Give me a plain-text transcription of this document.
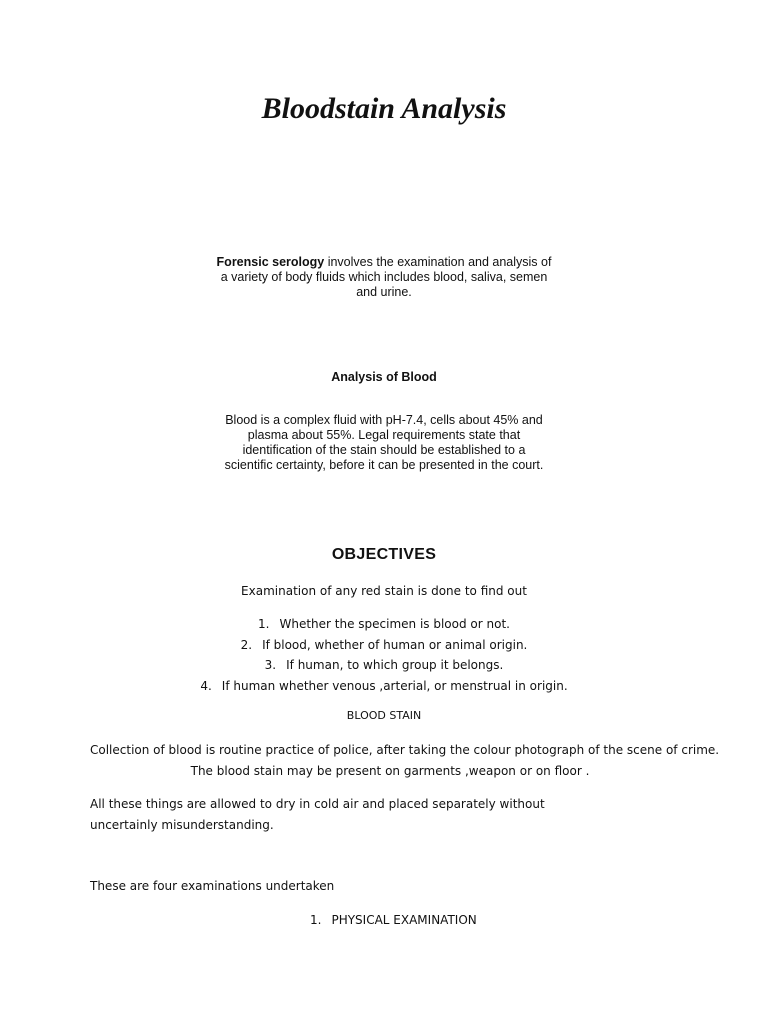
Bloodstain Analysis

Forensic serology involves the examination and analysis of a variety of body fluids which includes blood, saliva, semen and urine.

Analysis of Blood

Blood is a complex fluid with pH-7.4, cells about 45% and plasma about 55%. Legal requirements state that identification of the stain should be established to a scientific certainty, before it can be presented in the court.

OBJECTIVES
Examination of any red stain is done to find out
1. Whether the specimen is blood or not.
2. If blood, whether of human or animal origin.
3. If human, to which group it belongs.
4. If human whether venous ,arterial, or menstrual in origin.
BLOOD STAIN
Collection of blood is routine practice of police, after taking the colour photograph of the scene of crime.
The blood stain may be present on garments ,weapon or on floor .

All these things are allowed to dry in cold air and placed separately without uncertainly misunderstanding.

These are four examinations undertaken
1. PHYSICAL EXAMINATION
